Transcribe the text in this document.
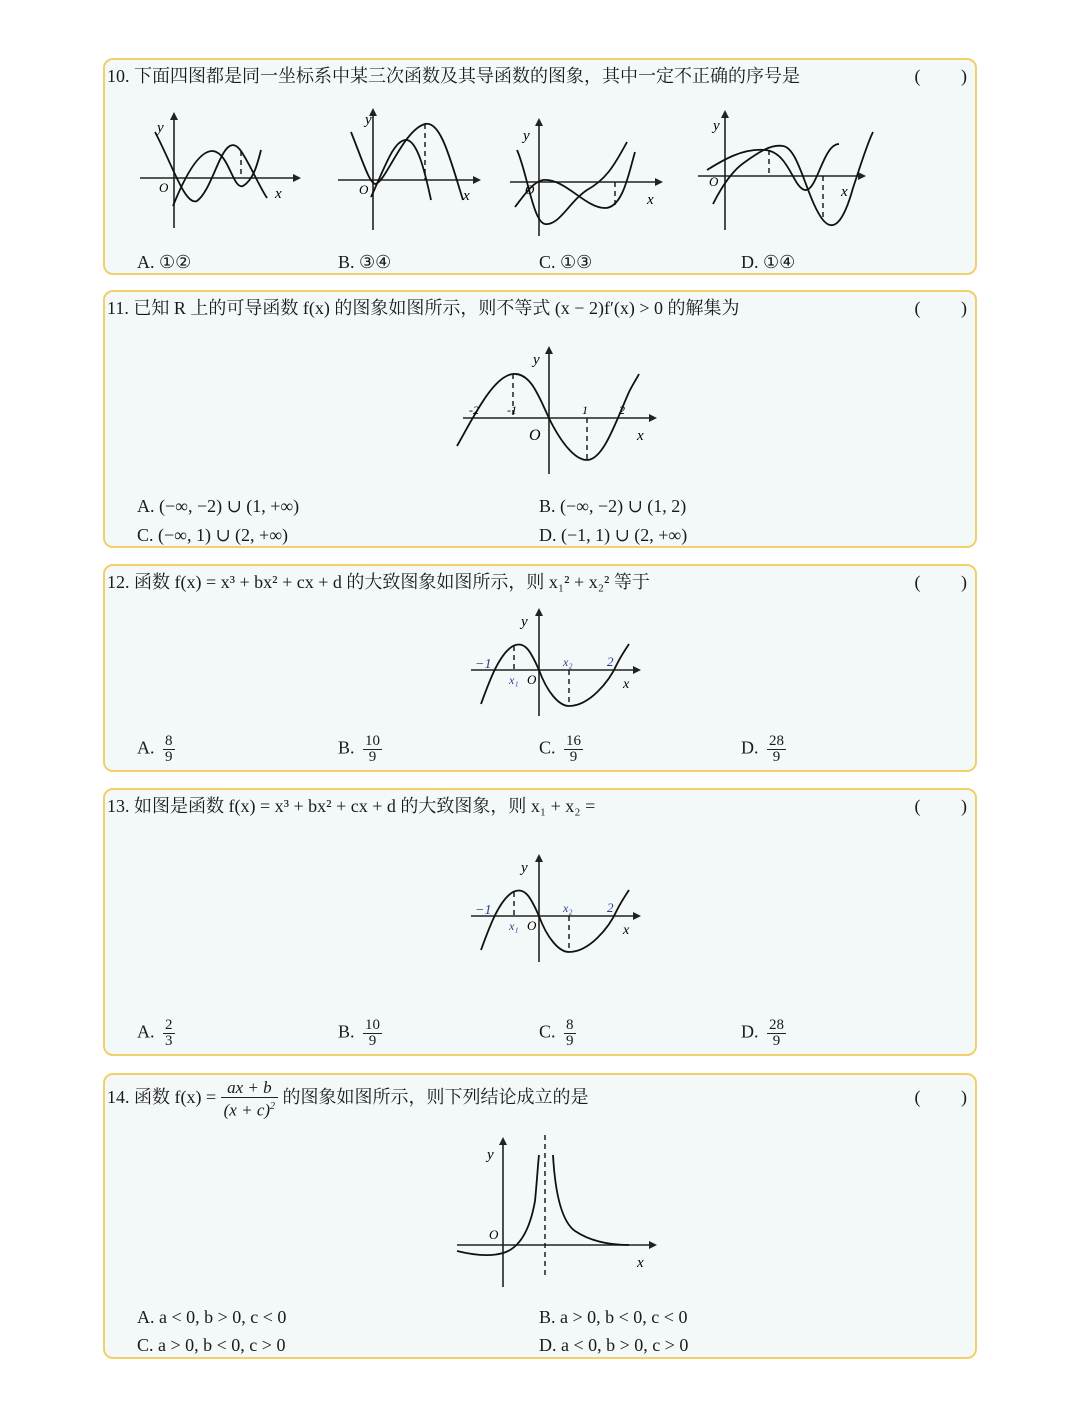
10. 下面四图都是同一坐标系中某三次函数及其导函数的图象，其中一定不正确的序号是	(         )
y
x
O
y
x
O
y
x
O
y
x
O
A. ①②	B. ③④	C. ①③	D. ①④
11. 已知 R 上的可导函数 f(x) 的图象如图所示，则不等式 (x − 2)f′(x) > 0 的解集为	(         )
y
x
O
-2 -1	1	2
A. (−∞, −2) ∪ (1, +∞)	B. (−∞, −2) ∪ (1, 2)
C. (−∞, 1) ∪ (2, +∞)	D. (−1, 1) ∪ (2, +∞)
12. 函数 f(x) = x³ + bx² + cx + d 的大致图象如图所示，则 x₁² + x₂² 等于	(         )
y
x
O
−1
x₁
x₂	2
A. $\frac{8}{9}$	B. $\frac{10}{9}$	C. $\frac{16}{9}$	D. $\frac{28}{9}$
13. 如图是函数 f(x) = x³ + bx² + cx + d 的大致图象，则 x₁ + x₂ =	(         )
y
x
O
−1
x₁
x₂	2
A. $\frac{2}{3}$	B. $\frac{10}{9}$	C. $\frac{8}{9}$	D. $\frac{28}{9}$
14. 函数 $f(x) = \frac{ax + b}{(x + c)^2}$ 的图象如图所示，则下列结论成立的是	(         )
y
x
O
A. a < 0, b > 0, c < 0	B. a > 0, b < 0, c < 0
C. a > 0, b < 0, c > 0	D. a < 0, b > 0, c > 0
